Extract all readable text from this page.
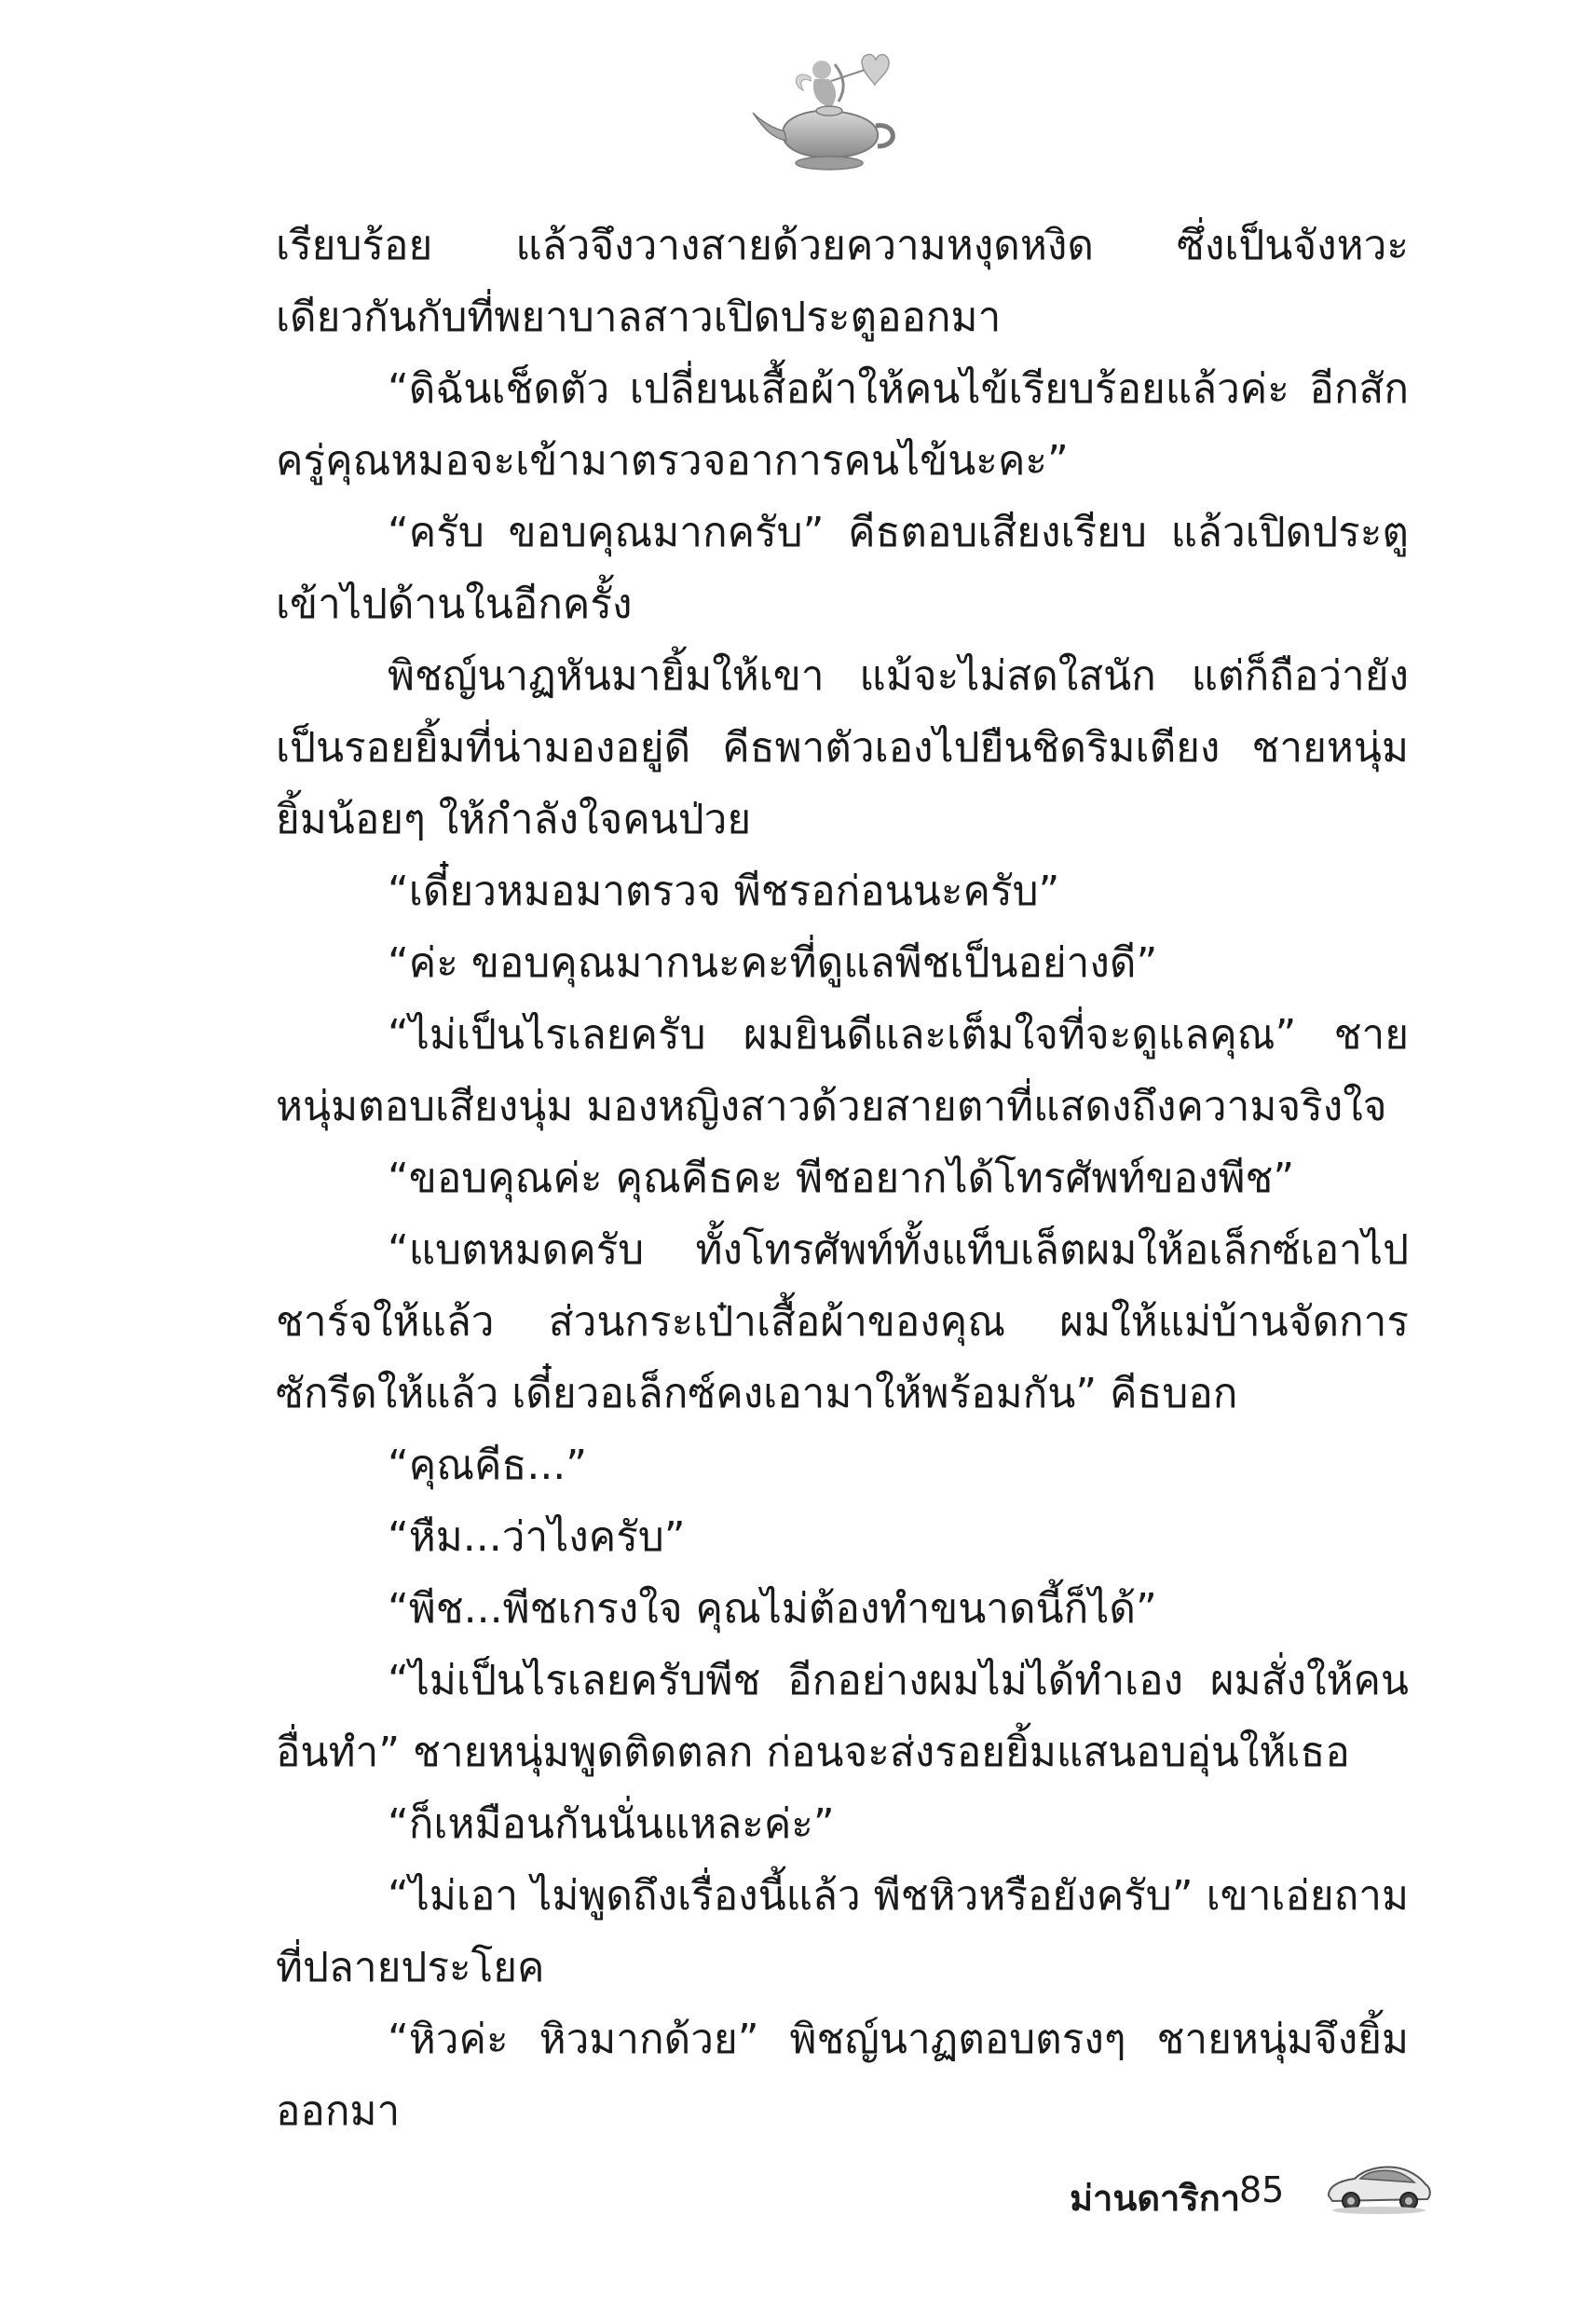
เรียบร้อย แล้วจึงวางสายด้วยความหงุดหงิด ซึ่งเป็นจังหวะเดียวกันกับที่พยาบาลสาวเปิดประตูออกมา

“ดิฉันเช็ดตัว เปลี่ยนเสื้อผ้าให้คนไข้เรียบร้อยแล้วค่ะ อีกสักครู่คุณหมอจะเข้ามาตรวจอาการคนไข้นะคะ”

“ครับ ขอบคุณมากครับ” คีธตอบเสียงเรียบ แล้วเปิดประตูเข้าไปด้านในอีกครั้ง

พิชญ์นาฏหันมายิ้มให้เขา แม้จะไม่สดใสนัก แต่ก็ถือว่ายังเป็นรอยยิ้มที่น่ามองอยู่ดี คีธพาตัวเองไปยืนชิดริมเตียง ชายหนุ่มยิ้มน้อยๆ ให้กำลังใจคนป่วย

“เดี๋ยวหมอมาตรวจ พีชรอก่อนนะครับ”

“ค่ะ ขอบคุณมากนะคะที่ดูแลพีชเป็นอย่างดี”

“ไม่เป็นไรเลยครับ ผมยินดีและเต็มใจที่จะดูแลคุณ” ชายหนุ่มตอบเสียงนุ่ม มองหญิงสาวด้วยสายตาที่แสดงถึงความจริงใจ

“ขอบคุณค่ะ คุณคีธคะ พีชอยากได้โทรศัพท์ของพีช”

“แบตหมดครับ ทั้งโทรศัพท์ทั้งแท็บเล็ตผมให้อเล็กซ์เอาไปชาร์จให้แล้ว ส่วนกระเป๋าเสื้อผ้าของคุณ ผมให้แม่บ้านจัดการซักรีดให้แล้ว เดี๋ยวอเล็กซ์คงเอามาให้พร้อมกัน” คีธบอก

“คุณคีธ...”

“หืม...ว่าไงครับ”

“พีช...พีชเกรงใจ คุณไม่ต้องทำขนาดนี้ก็ได้”

“ไม่เป็นไรเลยครับพีช อีกอย่างผมไม่ได้ทำเอง ผมสั่งให้คนอื่นทำ” ชายหนุ่มพูดติดตลก ก่อนจะส่งรอยยิ้มแสนอบอุ่นให้เธอ

“ก็เหมือนกันนั่นแหละค่ะ”

“ไม่เอา ไม่พูดถึงเรื่องนี้แล้ว พีชหิวหรือยังครับ” เขาเอ่ยถามที่ปลายประโยค

“หิวค่ะ หิวมากด้วย” พิชญ์นาฏตอบตรงๆ ชายหนุ่มจึงยิ้มออกมา

ม่านดาริกา
85
